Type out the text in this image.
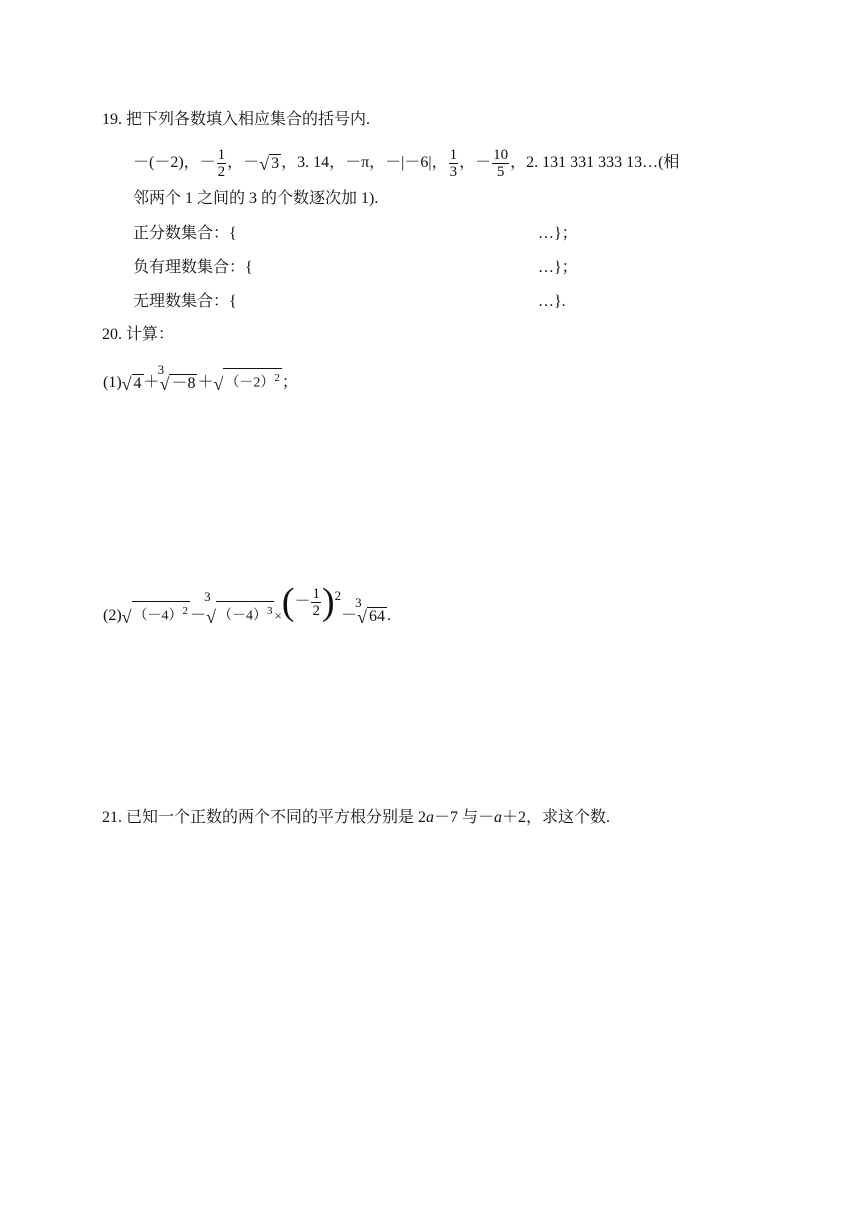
19. 把下列各数填入相应集合的括号内.
－(－2)，－ $\frac{1}{2}$ ，－ √ 3 ，3. 14，－π，－|－6|， $\frac{1}{3}$ ，－ $\frac{10}{5}$ ，2. 131 331 333 13…(相
邻两个 1 之间的 3 的个数逐次加 1).
正分数集合：{	…}；
负有理数集合：{	…}；
无理数集合：{	…}.
20. 计算：
(1) √ 4 ＋
3
√ －8 ＋ √ $(-2)^2$ ；
(2) √ $(-4)^2$ －
3
√ $(-4)^3$ × ( － $\frac{1}{2}$ ) 2
－
3
√ 64 .
21. 已知一个正数的两个不同的平方根分别是 2a－7 与－a＋2，求这个数.
